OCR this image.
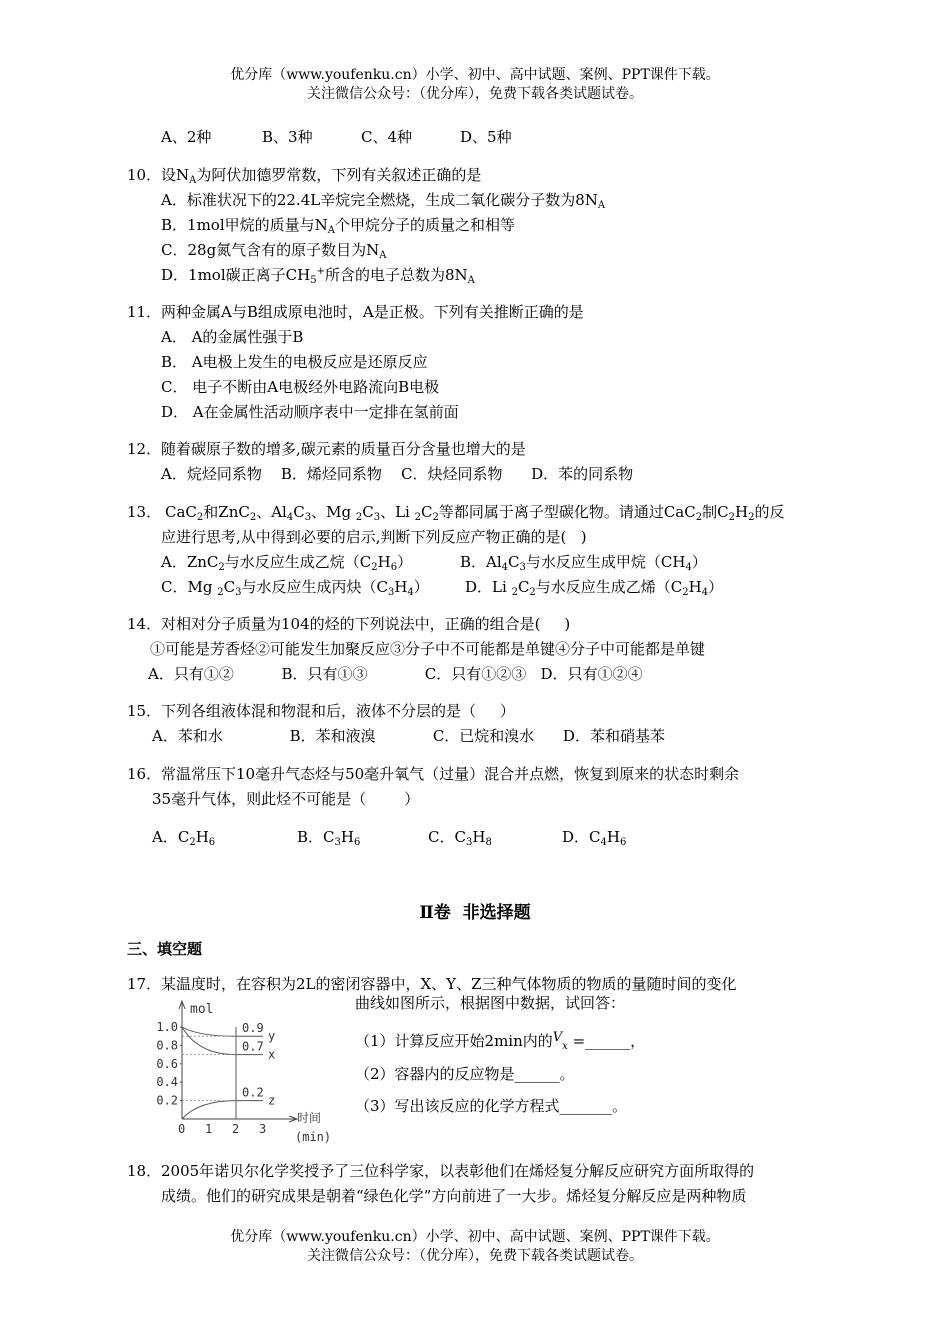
优分库（www.youfenku.cn）小学、初中、高中试题、案例、PPT课件下载。
关注微信公众号：（优分库），免费下载各类试题试卷。
A、2种	B、3种	C、4种	D、5种
10． 设$N_A$为阿伏加德罗常数，下列有关叙述正确的是
A．标准状况下的22.4L辛烷完全燃烧，生成二氧化碳分子数为$8N_A$
B．1mol甲烷的质量与$N_A$个甲烷分子的质量之和相等
C．28g氮气含有的原子数目为$N_A$
D．1mol碳正离子$CH_5^+$所含的电子总数为$8N_A$
11． 两种金属A与B组成原电池时，A是正极。下列有关推断正确的是
A． A的金属性强于B
B． A电极上发生的电极反应是还原反应
C． 电子不断由A电极经外电路流向B电极
D． A在金属性活动顺序表中一定排在氢前面
12． 随着碳原子数的增多,碳元素的质量百分含量也增大的是
A．烷烃同系物    B．烯烃同系物    C．炔烃同系物      D．苯的同系物
13． CaC$_2$和ZnC$_2$、$Al_4C_3$、Mg $_2C_3$、Li $_2C_2$等都同属于离子型碳化物。请通过CaC$_2$制$C_2H_2$的反
应进行思考,从中得到必要的启示,判断下列反应产物正确的是(   )
A．ZnC$_2$与水反应生成乙烷$(C_2H_6)$	B．$Al_4C_3$与水反应生成甲烷$(CH_4)$
C．Mg $_2C_3$与水反应生成丙炔$(C_3H_4)$ D．Li $_2C_2$与水反应生成乙烯$(C_2H_4)$
14． 对相对分子质量为104的烃的下列说法中，正确的组合是(     )
①可能是芳香烃②可能发生加聚反应③分子中不可能都是单键④分子中可能都是单键
A．只有①②          B．只有①③            C．只有①②③   D．只有①②④
15． 下列各组液体混和物混和后，液体不分层的是（     ）
A．苯和水              B．苯和液溴            C．已烷和溴水      D．苯和硝基苯
16． 常温常压下10毫升气态烃与50毫升氧气（过量）混合并点燃，恢复到原来的状态时剩余
35毫升气体，则此烃不可能是（        ）
A．$C_2H_6$	B．$C_3H_6$	C．$C_3H_8$	D．$C_4H_6$
Ⅱ卷  非选择题
三、填空题
17． 某温度时，在容积为2L的密闭容器中，X、Y、Z三种气体物质的物质的量随时间的变化
曲线如图所示，根据图中数据，试回答：
（1）计算反应开始2min内的$V_x$ =______，
（2）容器内的反应物是______。
（3）写出该反应的化学方程式_______。
mol
时间
(min)
1.0
0.8
0.6
0.4
0.2
0 1 2 3
0.7
x
0.9
y
0.2
z
18． 2005年诺贝尔化学奖授予了三位科学家，以表彰他们在烯烃复分解反应研究方面所取得的
成绩。他们的研究成果是朝着“绿色化学”方向前进了一大步。烯烃复分解反应是两种物质
优分库（www.youfenku.cn）小学、初中、高中试题、案例、PPT课件下载。
关注微信公众号：（优分库），免费下载各类试题试卷。
